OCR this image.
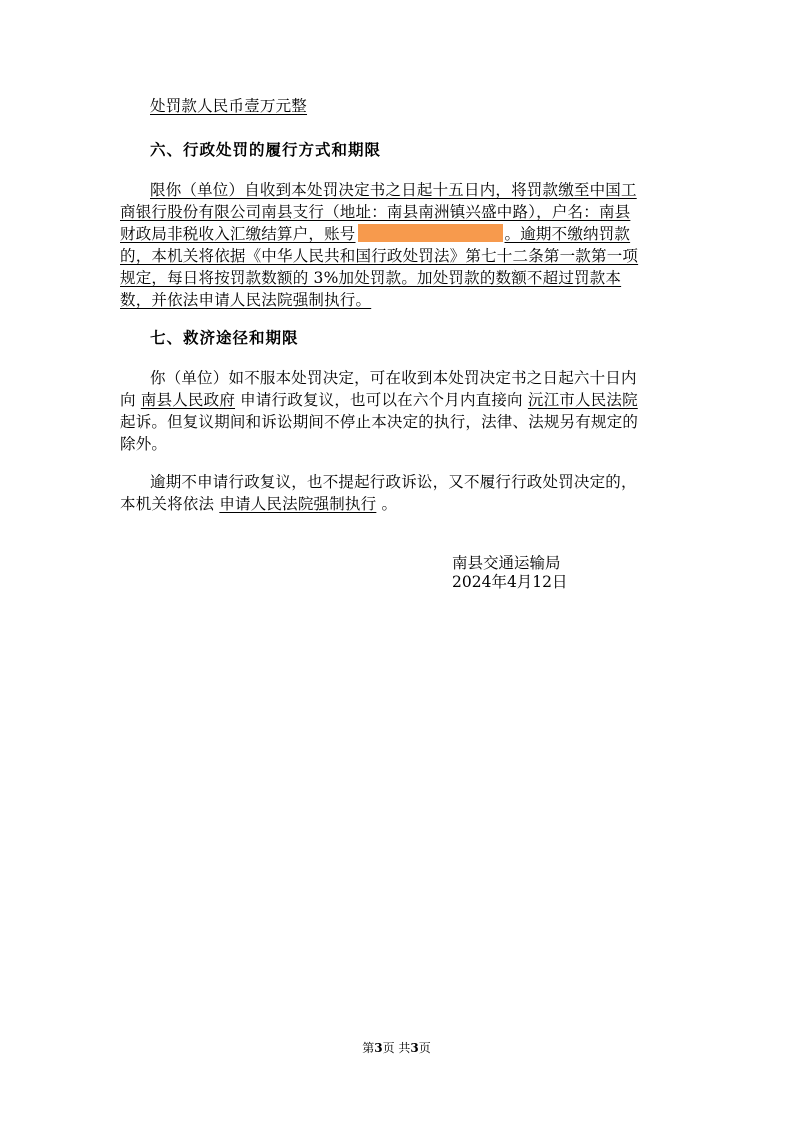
处罚款人民币壹万元整
六、行政处罚的履行方式和期限
限你（单位）自收到本处罚决定书之日起十五日内，将罚款缴至中国工
商银行股份有限公司南县支行（地址：南县南洲镇兴盛中路），户名：南县
财政局非税收入汇缴结算户，账号	。逾期不缴纳罚款
的，本机关将依据《中华人民共和国行政处罚法》第七十二条第一款第一项
规定，每日将按罚款数额的 3%加处罚款。加处罚款的数额不超过罚款本
数，并依法申请人民法院强制执行。
七、救济途径和期限
你（单位）如不服本处罚决定，可在收到本处罚决定书之日起六十日内
向 南县人民政府 申请行政复议，也可以在六个月内直接向 沅江市人民法院
起诉。但复议期间和诉讼期间不停止本决定的执行，法律、法规另有规定的
除外。
逾期不申请行政复议，也不提起行政诉讼，又不履行行政处罚决定的，
本机关将依法 申请人民法院强制执行 。
南县交通运输局
2024年4月12日
第3页 共3页
